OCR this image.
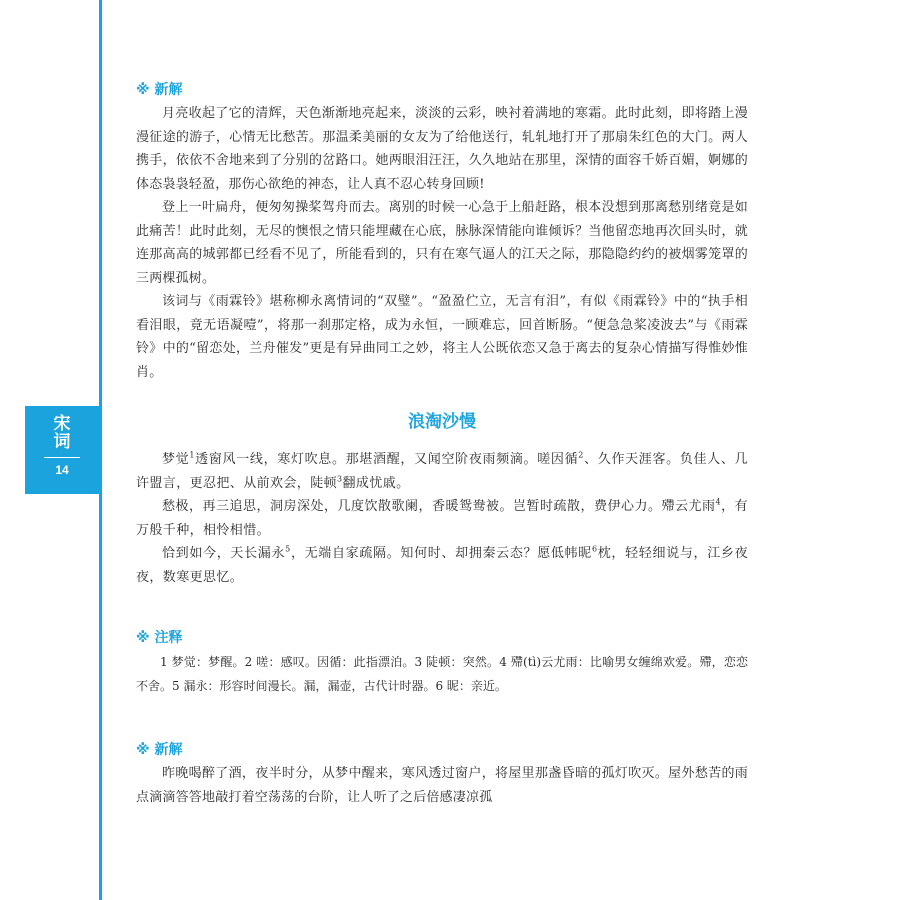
宋词
14
※ 新解

月亮收起了它的清辉，天色渐渐地亮起来，淡淡的云彩，映衬着满地的寒霜。此时此刻，即将踏上漫漫征途的游子，心情无比愁苦。那温柔美丽的女友为了给他送行，轧轧地打开了那扇朱红色的大门。两人携手，依依不舍地来到了分别的岔路口。她两眼泪汪汪，久久地站在那里，深情的面容千娇百媚，婀娜的体态袅袅轻盈，那伤心欲绝的神态，让人真不忍心转身回顾!

登上一叶扁舟，便匆匆操桨驾舟而去。离别的时候一心急于上船赶路，根本没想到那离愁别绪竟是如此痛苦！此时此刻，无尽的懊恨之情只能埋藏在心底，脉脉深情能向谁倾诉？当他留恋地再次回头时，就连那高高的城郭都已经看不见了，所能看到的，只有在寒气逼人的江天之际，那隐隐约约的被烟雾笼罩的三两棵孤树。

该词与《雨霖铃》堪称柳永离情词的“双璧”。“盈盈伫立，无言有泪”，有似《雨霖铃》中的“执手相看泪眼，竟无语凝噎”，将那一刹那定格，成为永恒，一顾难忘，回首断肠。“便急急桨凌波去”与《雨霖铃》中的“留恋处，兰舟催发”更是有异曲同工之妙，将主人公既依恋又急于离去的复杂心情描写得惟妙惟肖。

浪淘沙慢

梦觉$^1$透窗风一线，寒灯吹息。那堪酒醒，又闻空阶夜雨频滴。嗟因循$^2$、久作天涯客。负佳人、几许盟言，更忍把、从前欢会，陡顿$^3$翻成忧戚。

愁极，再三追思，洞房深处，几度饮散歌阑，香暖鸳鸯被。岂暂时疏散，费伊心力。殢云尤雨$^4$，有万般千种，相怜相惜。

恰到如今，天长漏永$^5$，无端自家疏隔。知何时、却拥秦云态？愿低帏昵$^6$枕，轻轻细说与，江乡夜夜，数寒更思忆。

※ 注释

1 梦觉：梦醒。2 嗟：感叹。因循：此指漂泊。3 陡顿：突然。4 殢(tì)云尤雨：比喻男女缠绵欢爱。殢，恋恋不舍。5 漏永：形容时间漫长。漏，漏壶，古代计时器。6 昵：亲近。

※ 新解

昨晚喝醉了酒，夜半时分，从梦中醒来，寒风透过窗户，将屋里那盏昏暗的孤灯吹灭。屋外愁苦的雨点滴滴答答地敲打着空荡荡的台阶，让人听了之后倍感凄凉孤
